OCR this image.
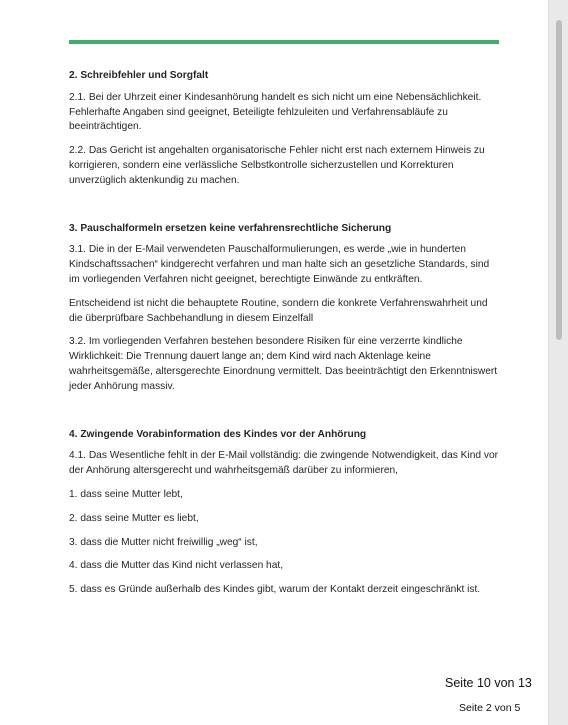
2. Schreibfehler und Sorgfalt

2.1. Bei der Uhrzeit einer Kindesanhörung handelt es sich nicht um eine Nebensächlichkeit. Fehlerhafte Angaben sind geeignet, Beteiligte fehlzuleiten und Verfahrensabläufe zu beeinträchtigen.

2.2. Das Gericht ist angehalten organisatorische Fehler nicht erst nach externem Hinweis zu korrigieren, sondern eine verlässliche Selbstkontrolle sicherzustellen und Korrekturen unverzüglich aktenkundig zu machen.

3. Pauschalformeln ersetzen keine verfahrensrechtliche Sicherung

3.1. Die in der E-Mail verwendeten Pauschalformulierungen, es werde „wie in hunderten Kindschaftssachen“ kindgerecht verfahren und man halte sich an gesetzliche Standards, sind im vorliegenden Verfahren nicht geeignet, berechtigte Einwände zu entkräften.

Entscheidend ist nicht die behauptete Routine, sondern die konkrete Verfahrenswahrheit und die überprüfbare Sachbehandlung in diesem Einzelfall

3.2. Im vorliegenden Verfahren bestehen besondere Risiken für eine verzerrte kindliche Wirklichkeit: Die Trennung dauert lange an; dem Kind wird nach Aktenlage keine wahrheitsgemäße, altersgerechte Einordnung vermittelt. Das beeinträchtigt den Erkenntniswert jeder Anhörung massiv.

4. Zwingende Vorabinformation des Kindes vor der Anhörung

4.1. Das Wesentliche fehlt in der E-Mail vollständig: die zwingende Notwendigkeit, das Kind vor der Anhörung altersgerecht und wahrheitsgemäß darüber zu informieren,

1. dass seine Mutter lebt,

2. dass seine Mutter es liebt,

3. dass die Mutter nicht freiwillig „weg“ ist,

4. dass die Mutter das Kind nicht verlassen hat,

5. dass es Gründe außerhalb des Kindes gibt, warum der Kontakt derzeit eingeschränkt ist.

Seite 10 von 13
Seite 2 von 5
